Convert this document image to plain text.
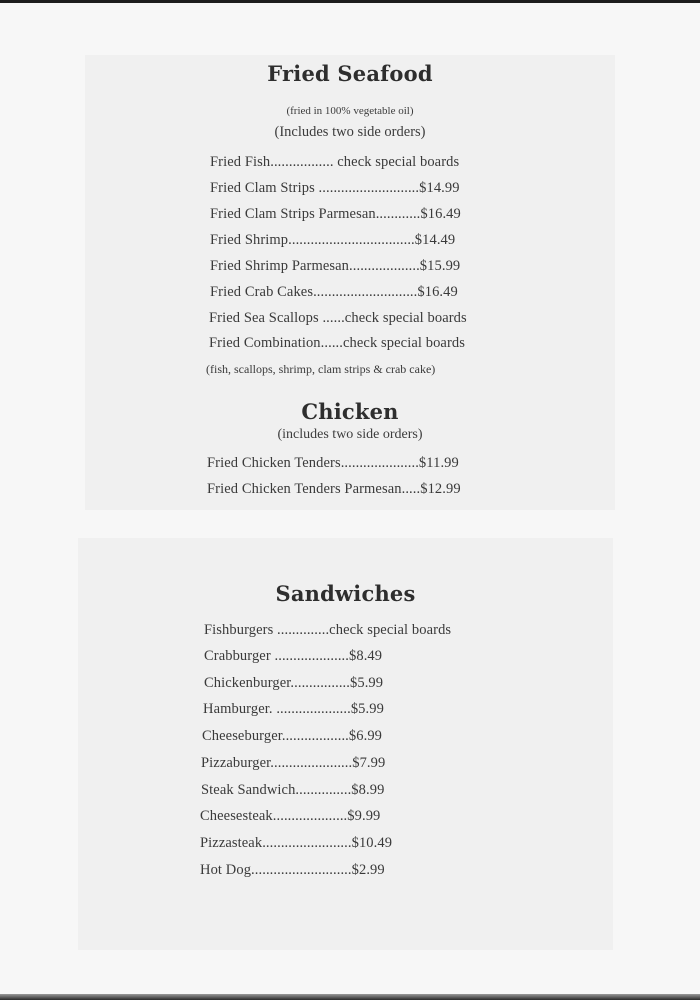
Fried Seafood
(fried in 100% vegetable oil)
(Includes two side orders)
Fried Fish................. check special boards
Fried Clam Strips ...........................$14.99
Fried Clam Strips Parmesan............$16.49
Fried Shrimp..................................$14.49
Fried Shrimp Parmesan...................$15.99
Fried Crab Cakes............................$16.49
Fried Sea Scallops ......check special boards
Fried Combination......check special boards
(fish, scallops, shrimp, clam strips & crab cake)
Chicken
(includes two side orders)
Fried Chicken Tenders.....................$11.99
Fried Chicken Tenders Parmesan.....$12.99
Sandwiches
Fishburgers ..............check special boards
Crabburger ....................$8.49
Chickenburger................$5.99
Hamburger. ....................$5.99
Cheeseburger..................$6.99
Pizzaburger......................$7.99
Steak Sandwich...............$8.99
Cheesesteak....................$9.99
Pizzasteak........................$10.49
Hot Dog...........................$2.99
